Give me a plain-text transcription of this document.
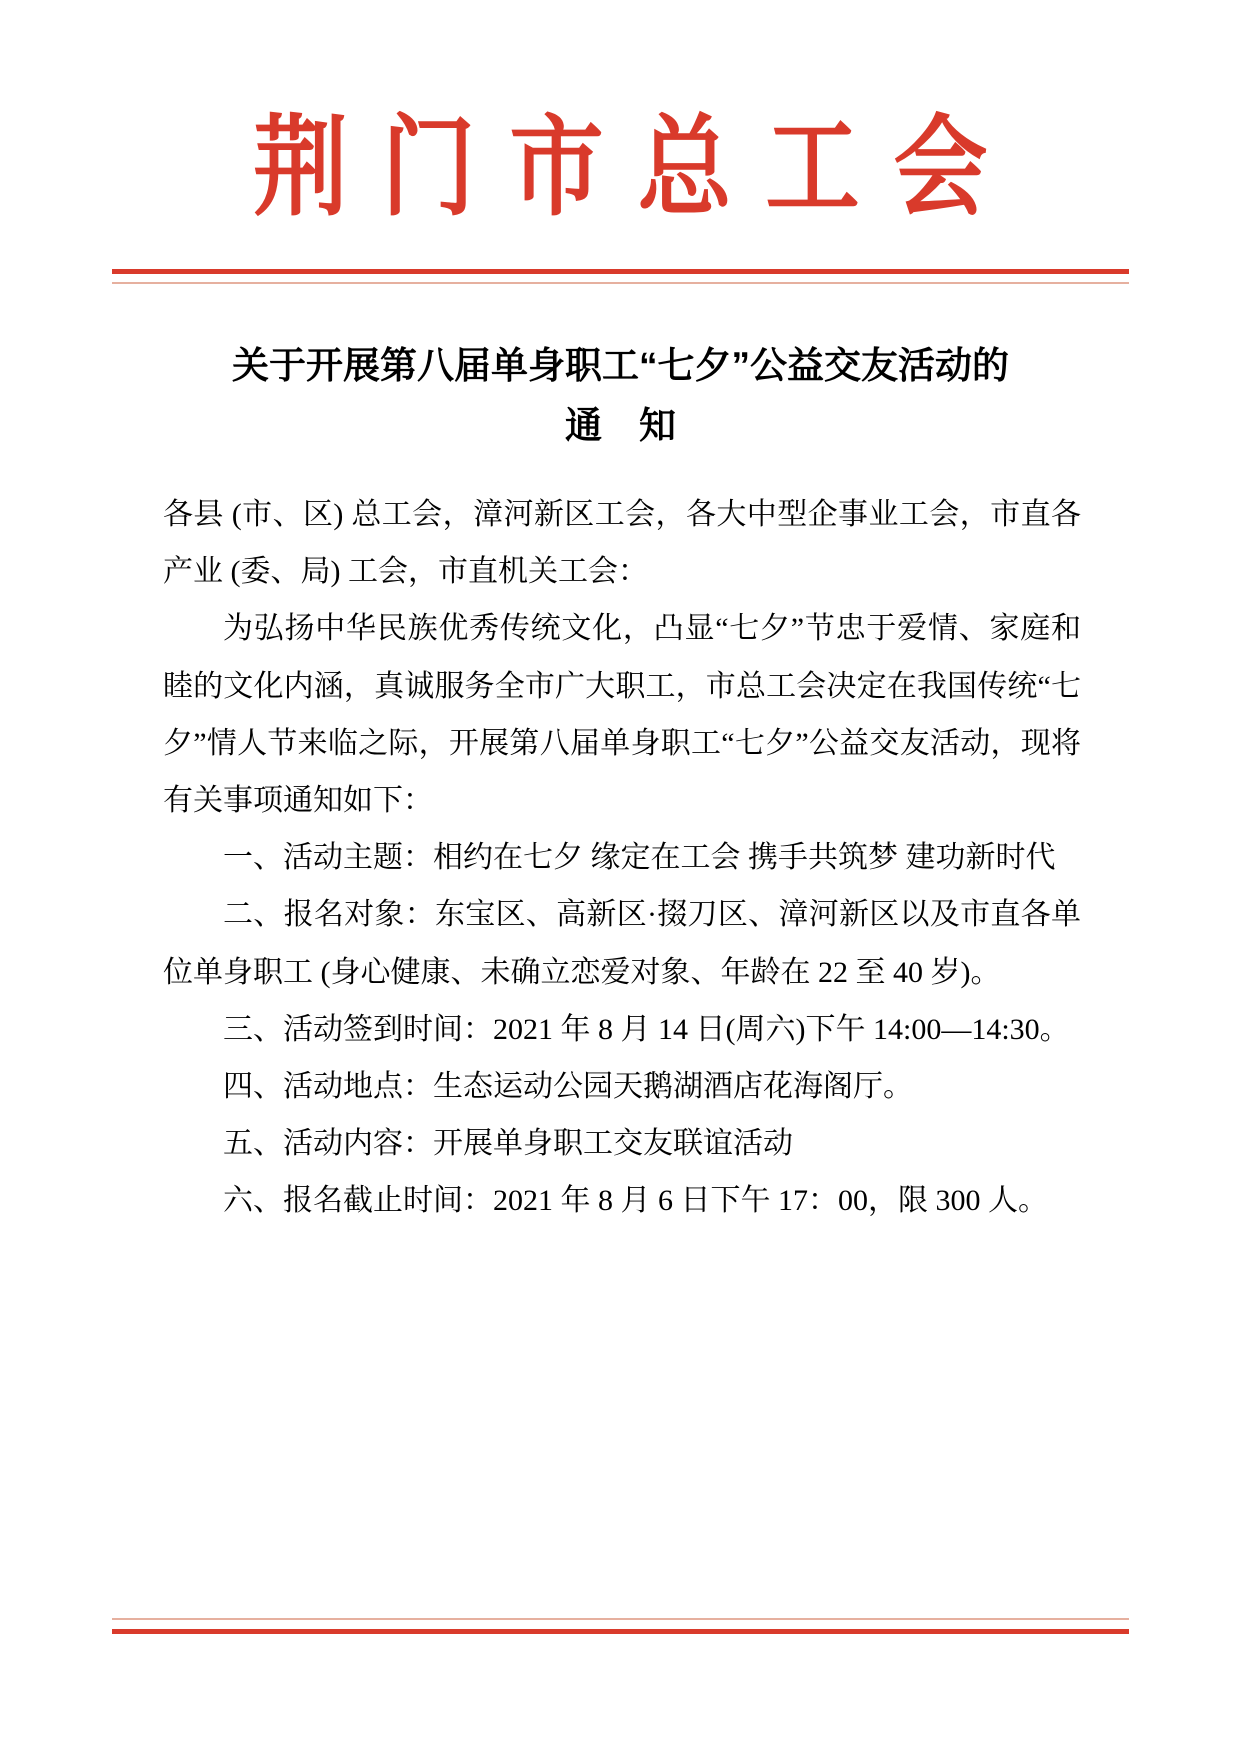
荆门市总工会
关于开展第八届单身职工“七夕”公益交友活动的
通　知

各县 (市、区) 总工会，漳河新区工会，各大中型企事业工会，市直各产业 (委、局) 工会，市直机关工会：

为弘扬中华民族优秀传统文化，凸显“七夕”节忠于爱情、家庭和睦的文化内涵，真诚服务全市广大职工，市总工会决定在我国传统“七夕”情人节来临之际，开展第八届单身职工“七夕”公益交友活动，现将有关事项通知如下：

一、活动主题：相约在七夕 缘定在工会 携手共筑梦 建功新时代

二、报名对象：东宝区、高新区·掇刀区、漳河新区以及市直各单位单身职工 (身心健康、未确立恋爱对象、年龄在 22 至 40 岁)。

三、活动签到时间：2021 年 8 月 14 日(周六)下午 14:00—14:30。

四、活动地点：生态运动公园天鹅湖酒店花海阁厅。

五、活动内容：开展单身职工交友联谊活动

六、报名截止时间：2021 年 8 月 6 日下午 17：00，限 300 人。
